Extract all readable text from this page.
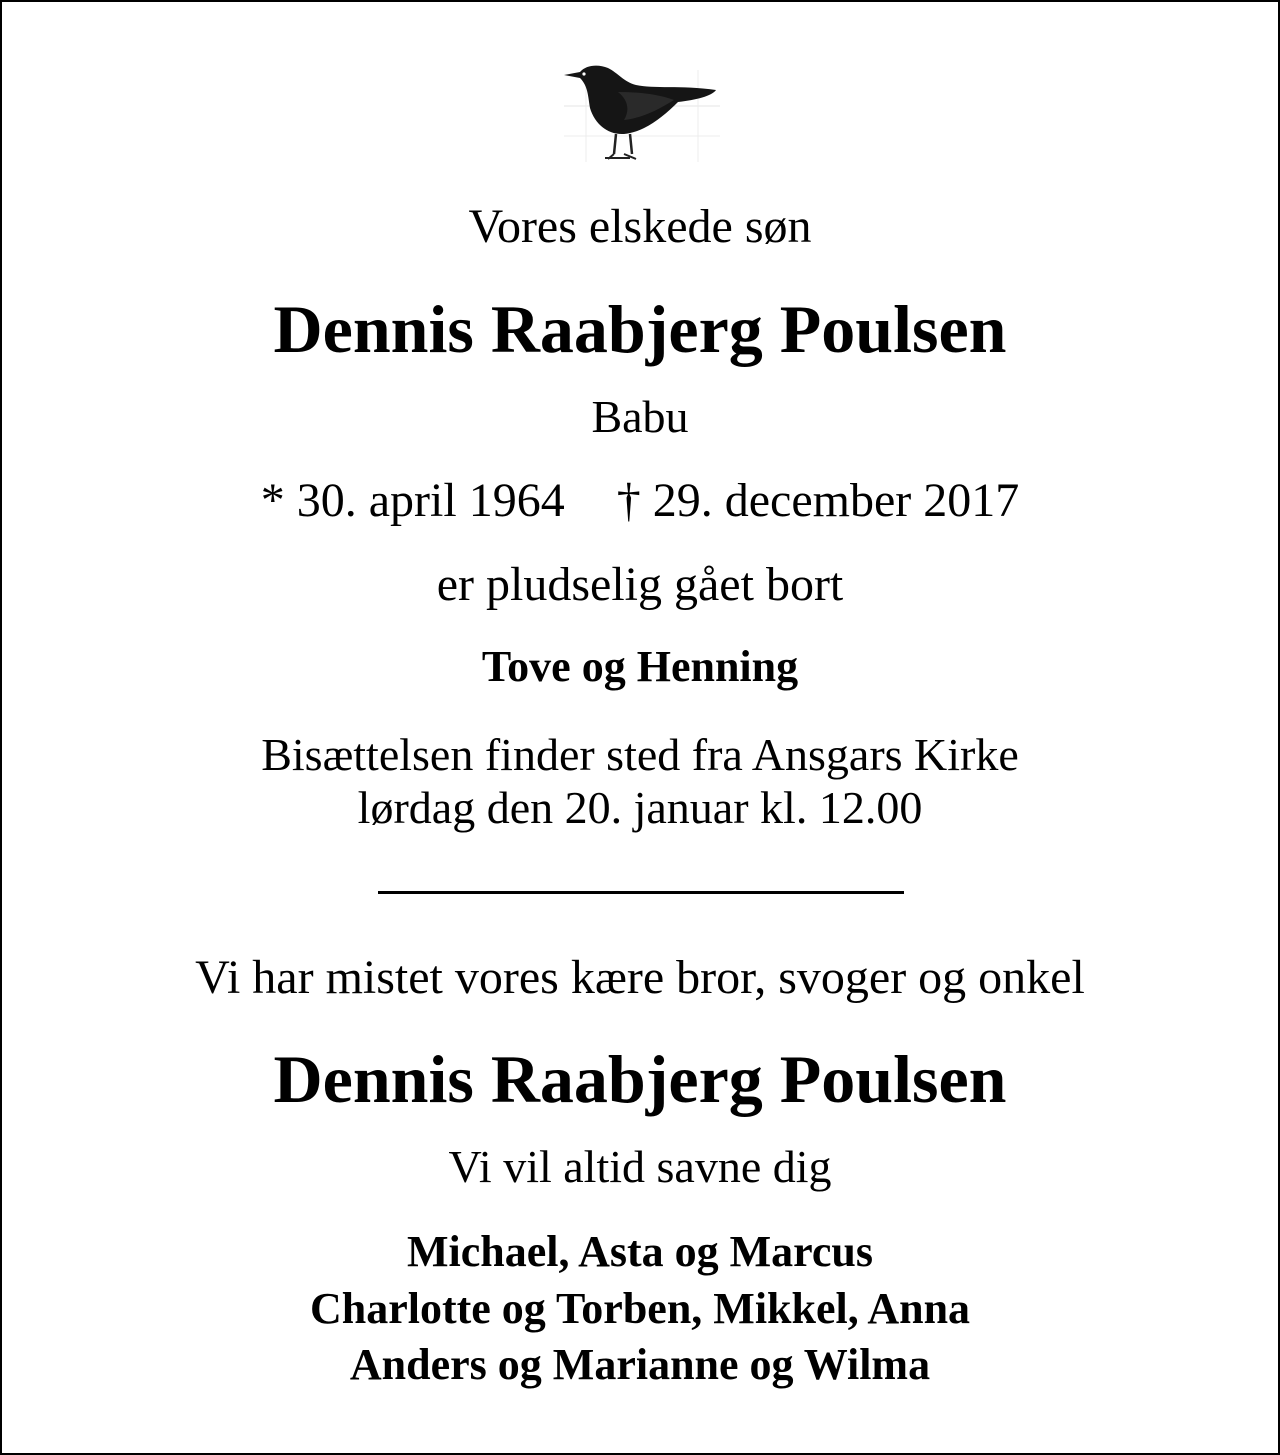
Vores elskede søn
Dennis Raabjerg Poulsen
Babu
* 30. april 1964 † 29. december 2017
er pludselig gået bort
Tove og Henning
Bisættelsen finder sted fra Ansgars Kirke
lørdag den 20. januar kl. 12.00
Vi har mistet vores kære bror, svoger og onkel
Dennis Raabjerg Poulsen
Vi vil altid savne dig
Michael, Asta og Marcus
Charlotte og Torben, Mikkel, Anna
Anders og Marianne og Wilma
